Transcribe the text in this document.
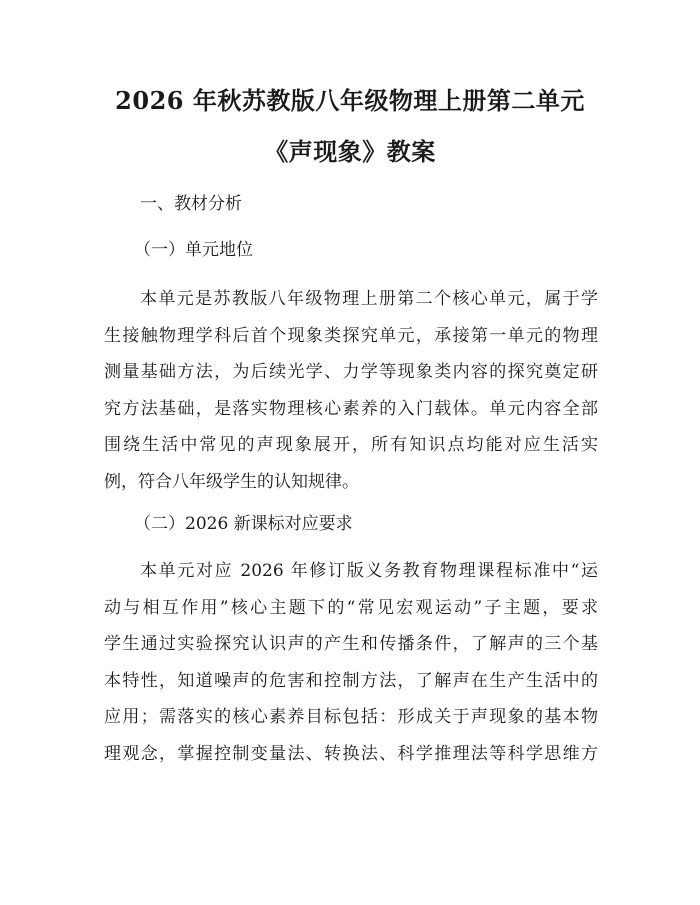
2026 年秋苏教版八年级物理上册第二单元
《声现象》教案
一、教材分析
（一）单元地位
本单元是苏教版八年级物理上册第二个核心单元，属于学
生接触物理学科后首个现象类探究单元，承接第一单元的物理
测量基础方法，为后续光学、力学等现象类内容的探究奠定研
究方法基础，是落实物理核心素养的入门载体。单元内容全部
围绕生活中常见的声现象展开，所有知识点均能对应生活实
例，符合八年级学生的认知规律。
（二）2026 新课标对应要求
本单元对应 2026 年修订版义务教育物理课程标准中“运
动与相互作用”核心主题下的“常见宏观运动”子主题，要求
学生通过实验探究认识声的产生和传播条件，了解声的三个基
本特性，知道噪声的危害和控制方法，了解声在生产生活中的
应用；需落实的核心素养目标包括：形成关于声现象的基本物
理观念，掌握控制变量法、转换法、科学推理法等科学思维方
